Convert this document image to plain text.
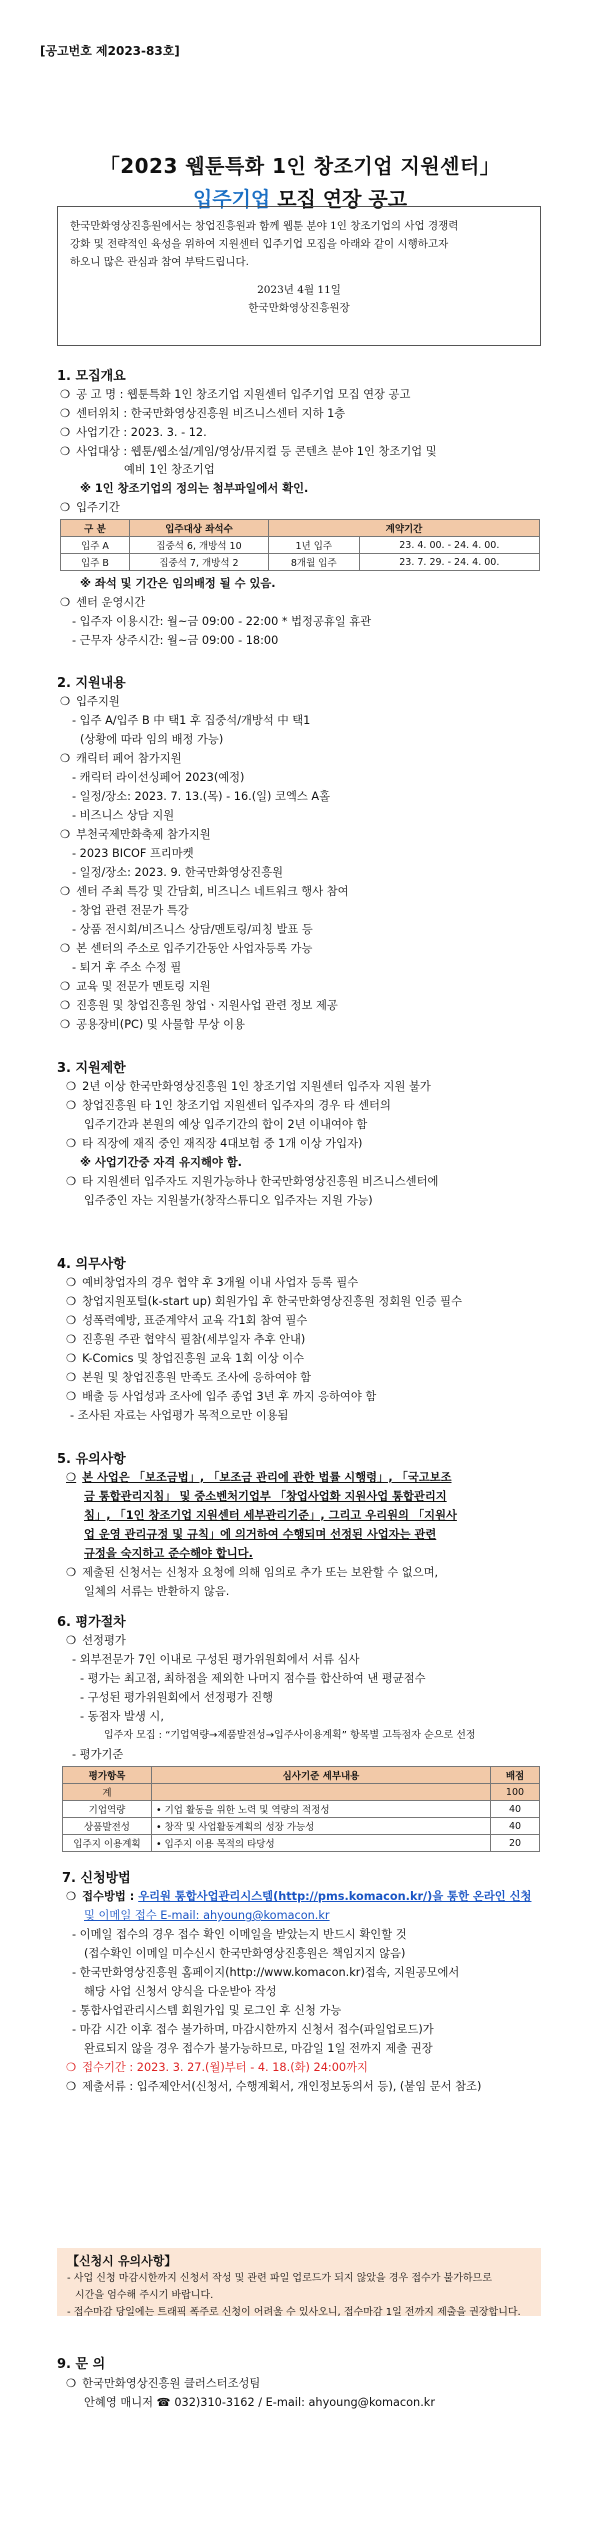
[공고번호 제2023-83호]
「2023 웹툰특화 1인 창조기업 지원센터」
입주기업 모집 연장 공고
한국만화영상진흥원에서는 창업진흥원과 함께 웹툰 분야 1인 창조기업의 사업 경쟁력
강화 및 전략적인 육성을 위하여 지원센터 입주기업 모집을 아래와 같이 시행하고자
하오니 많은 관심과 참여 부탁드립니다.
2023년 4월 11일
한국만화영상진흥원장
1. 모집개요
❍ 공 고 명 : 웹툰특화 1인 창조기업 지원센터 입주기업 모집 연장 공고
❍ 센터위치 : 한국만화영상진흥원 비즈니스센터 지하 1층
❍ 사업기간 : 2023. 3. - 12.
❍ 사업대상 : 웹툰/웹소설/게임/영상/뮤지컬 등 콘텐츠 분야 1인 창조기업 및
예비 1인 창조기업
※ 1인 창조기업의 정의는 첨부파일에서 확인.
❍ 입주기간
구 분	입주대상 좌석수	계약기간	
입주 A	집중석 6, 개방석 10	1년 입주	23. 4. 00. - 24. 4. 00.
입주 B	집중석 7, 개방석 2	8개월 입주	23. 7. 29. - 24. 4. 00.
※ 좌석 및 기간은 임의배정 될 수 있음.
❍ 센터 운영시간
- 입주자 이용시간: 월~금 09:00 - 22:00 * 법정공휴일 휴관
- 근무자 상주시간: 월~금 09:00 - 18:00
2. 지원내용
❍ 입주지원
- 입주 A/입주 B 中 택1 후 집중석/개방석 中 택1
(상황에 따라 임의 배정 가능)
❍ 캐릭터 페어 참가지원
- 캐릭터 라이선싱페어 2023(예정)
- 일정/장소: 2023. 7. 13.(목) - 16.(일) 코엑스 A홀
- 비즈니스 상담 지원
❍ 부천국제만화축제 참가지원
- 2023 BICOF 프리마켓
- 일정/장소: 2023. 9. 한국만화영상진흥원
❍ 센터 주최 특강 및 간담회, 비즈니스 네트워크 행사 참여
- 창업 관련 전문가 특강
- 상품 전시회/비즈니스 상담/멘토링/피칭 발표 등
❍ 본 센터의 주소로 입주기간동안 사업자등록 가능
- 퇴거 후 주소 수정 필
❍ 교육 및 전문가 멘토링 지원
❍ 진흥원 및 창업진흥원 창업ㆍ지원사업 관련 정보 제공
❍ 공용장비(PC) 및 사물함 무상 이용
3. 지원제한
❍ 2년 이상 한국만화영상진흥원 1인 창조기업 지원센터 입주자 지원 불가
❍ 창업진흥원 타 1인 창조기업 지원센터 입주자의 경우 타 센터의
입주기간과 본원의 예상 입주기간의 합이 2년 이내여야 함
❍ 타 직장에 재직 중인 재직장 4대보험 중 1개 이상 가입자)
※ 사업기간중 자격 유지해야 함.
❍ 타 지원센터 입주자도 지원가능하나 한국만화영상진흥원 비즈니스센터에
입주중인 자는 지원불가(창작스튜디오 입주자는 지원 가능)
4. 의무사항
❍ 예비창업자의 경우 협약 후 3개월 이내 사업자 등록 필수
❍ 창업지원포털(k-start up) 회원가입 후 한국만화영상진흥원 정회원 인증 필수
❍ 성폭력예방, 표준계약서 교육 각1회 참여 필수
❍ 진흥원 주관 협약식 필참(세부일자 추후 안내)
❍ K-Comics 및 창업진흥원 교육 1회 이상 이수
❍ 본원 및 창업진흥원 만족도 조사에 응하여야 함
❍ 배출 등 사업성과 조사에 입주 종업 3년 후 까지 응하여야 함
- 조사된 자료는 사업평가 목적으로만 이용됨
5. 유의사항
❍ 본 사업은 「보조금법」, 「보조금 관리에 관한 법률 시행령」, 「국고보조
금 통합관리지침」 및 중소벤처기업부 「창업사업화 지원사업 통합관리지
침」, 「1인 창조기업 지원센터 세부관리기준」, 그리고 우리원의 「지원사
업 운영 관리규정 및 규칙」에 의거하여 수행되며 선정된 사업자는 관련
규정을 숙지하고 준수해야 합니다.
❍ 제출된 신청서는 신청자 요청에 의해 임의로 추가 또는 보완할 수 없으며,
일체의 서류는 반환하지 않음.
6. 평가절차
❍ 선정평가
- 외부전문가 7인 이내로 구성된 평가위원회에서 서류 심사
- 평가는 최고점, 최하점을 제외한 나머지 점수를 합산하여 낸 평균점수
- 구성된 평가위원회에서 선정평가 진행
- 동점자 발생 시,
입주자 모집 : “기업역량→제품발전성→입주사이용계획” 항목별 고득점자 순으로 선정
- 평가기준
평가항목	심사기준 세부내용	배점
계		100
기업역량	• 기업 활동을 위한 노력 및 역량의 적정성	40
상품발전성	• 창작 및 사업활동계획의 성장 가능성	40
입주지 이용계획	• 입주지 이용 목적의 타당성	20
7. 신청방법
❍ 접수방법 : 우리원 통합사업관리시스템(http://pms.komacon.kr/)을 통한 온라인 신청
및 이메일 접수 E-mail: ahyoung@komacon.kr
- 이메일 접수의 경우 접수 확인 이메일을 받았는지 반드시 확인할 것
(접수확인 이메일 미수신시 한국만화영상진흥원은 책임지지 않음)
- 한국만화영상진흥원 홈페이지(http://www.komacon.kr)접속, 지원공모에서
해당 사업 신청서 양식을 다운받아 작성
- 통합사업관리시스템 회원가입 및 로그인 후 신청 가능
- 마감 시간 이후 접수 불가하며, 마감시한까지 신청서 접수(파일업로드)가
완료되지 않을 경우 접수가 불가능하므로, 마감일 1일 전까지 제출 권장
❍ 접수기간 : 2023. 3. 27.(월)부터 - 4. 18.(화) 24:00까지
❍ 제출서류 : 입주제안서(신청서, 수행계획서, 개인정보동의서 등), (붙임 문서 참조)
【신청시 유의사항】
- 사업 신청 마감시한까지 신청서 작성 및 관련 파일 업로드가 되지 않았을 경우 접수가 불가하므로
시간을 엄수해 주시기 바랍니다.
- 접수마감 당일에는 트래픽 폭주로 신청이 어려울 수 있사오니, 접수마감 1일 전까지 제출을 권장합니다.
9. 문 의
❍ 한국만화영상진흥원 클러스터조성팀
안혜영 매니저 ☎ 032)310-3162 / E-mail: ahyoung@komacon.kr
